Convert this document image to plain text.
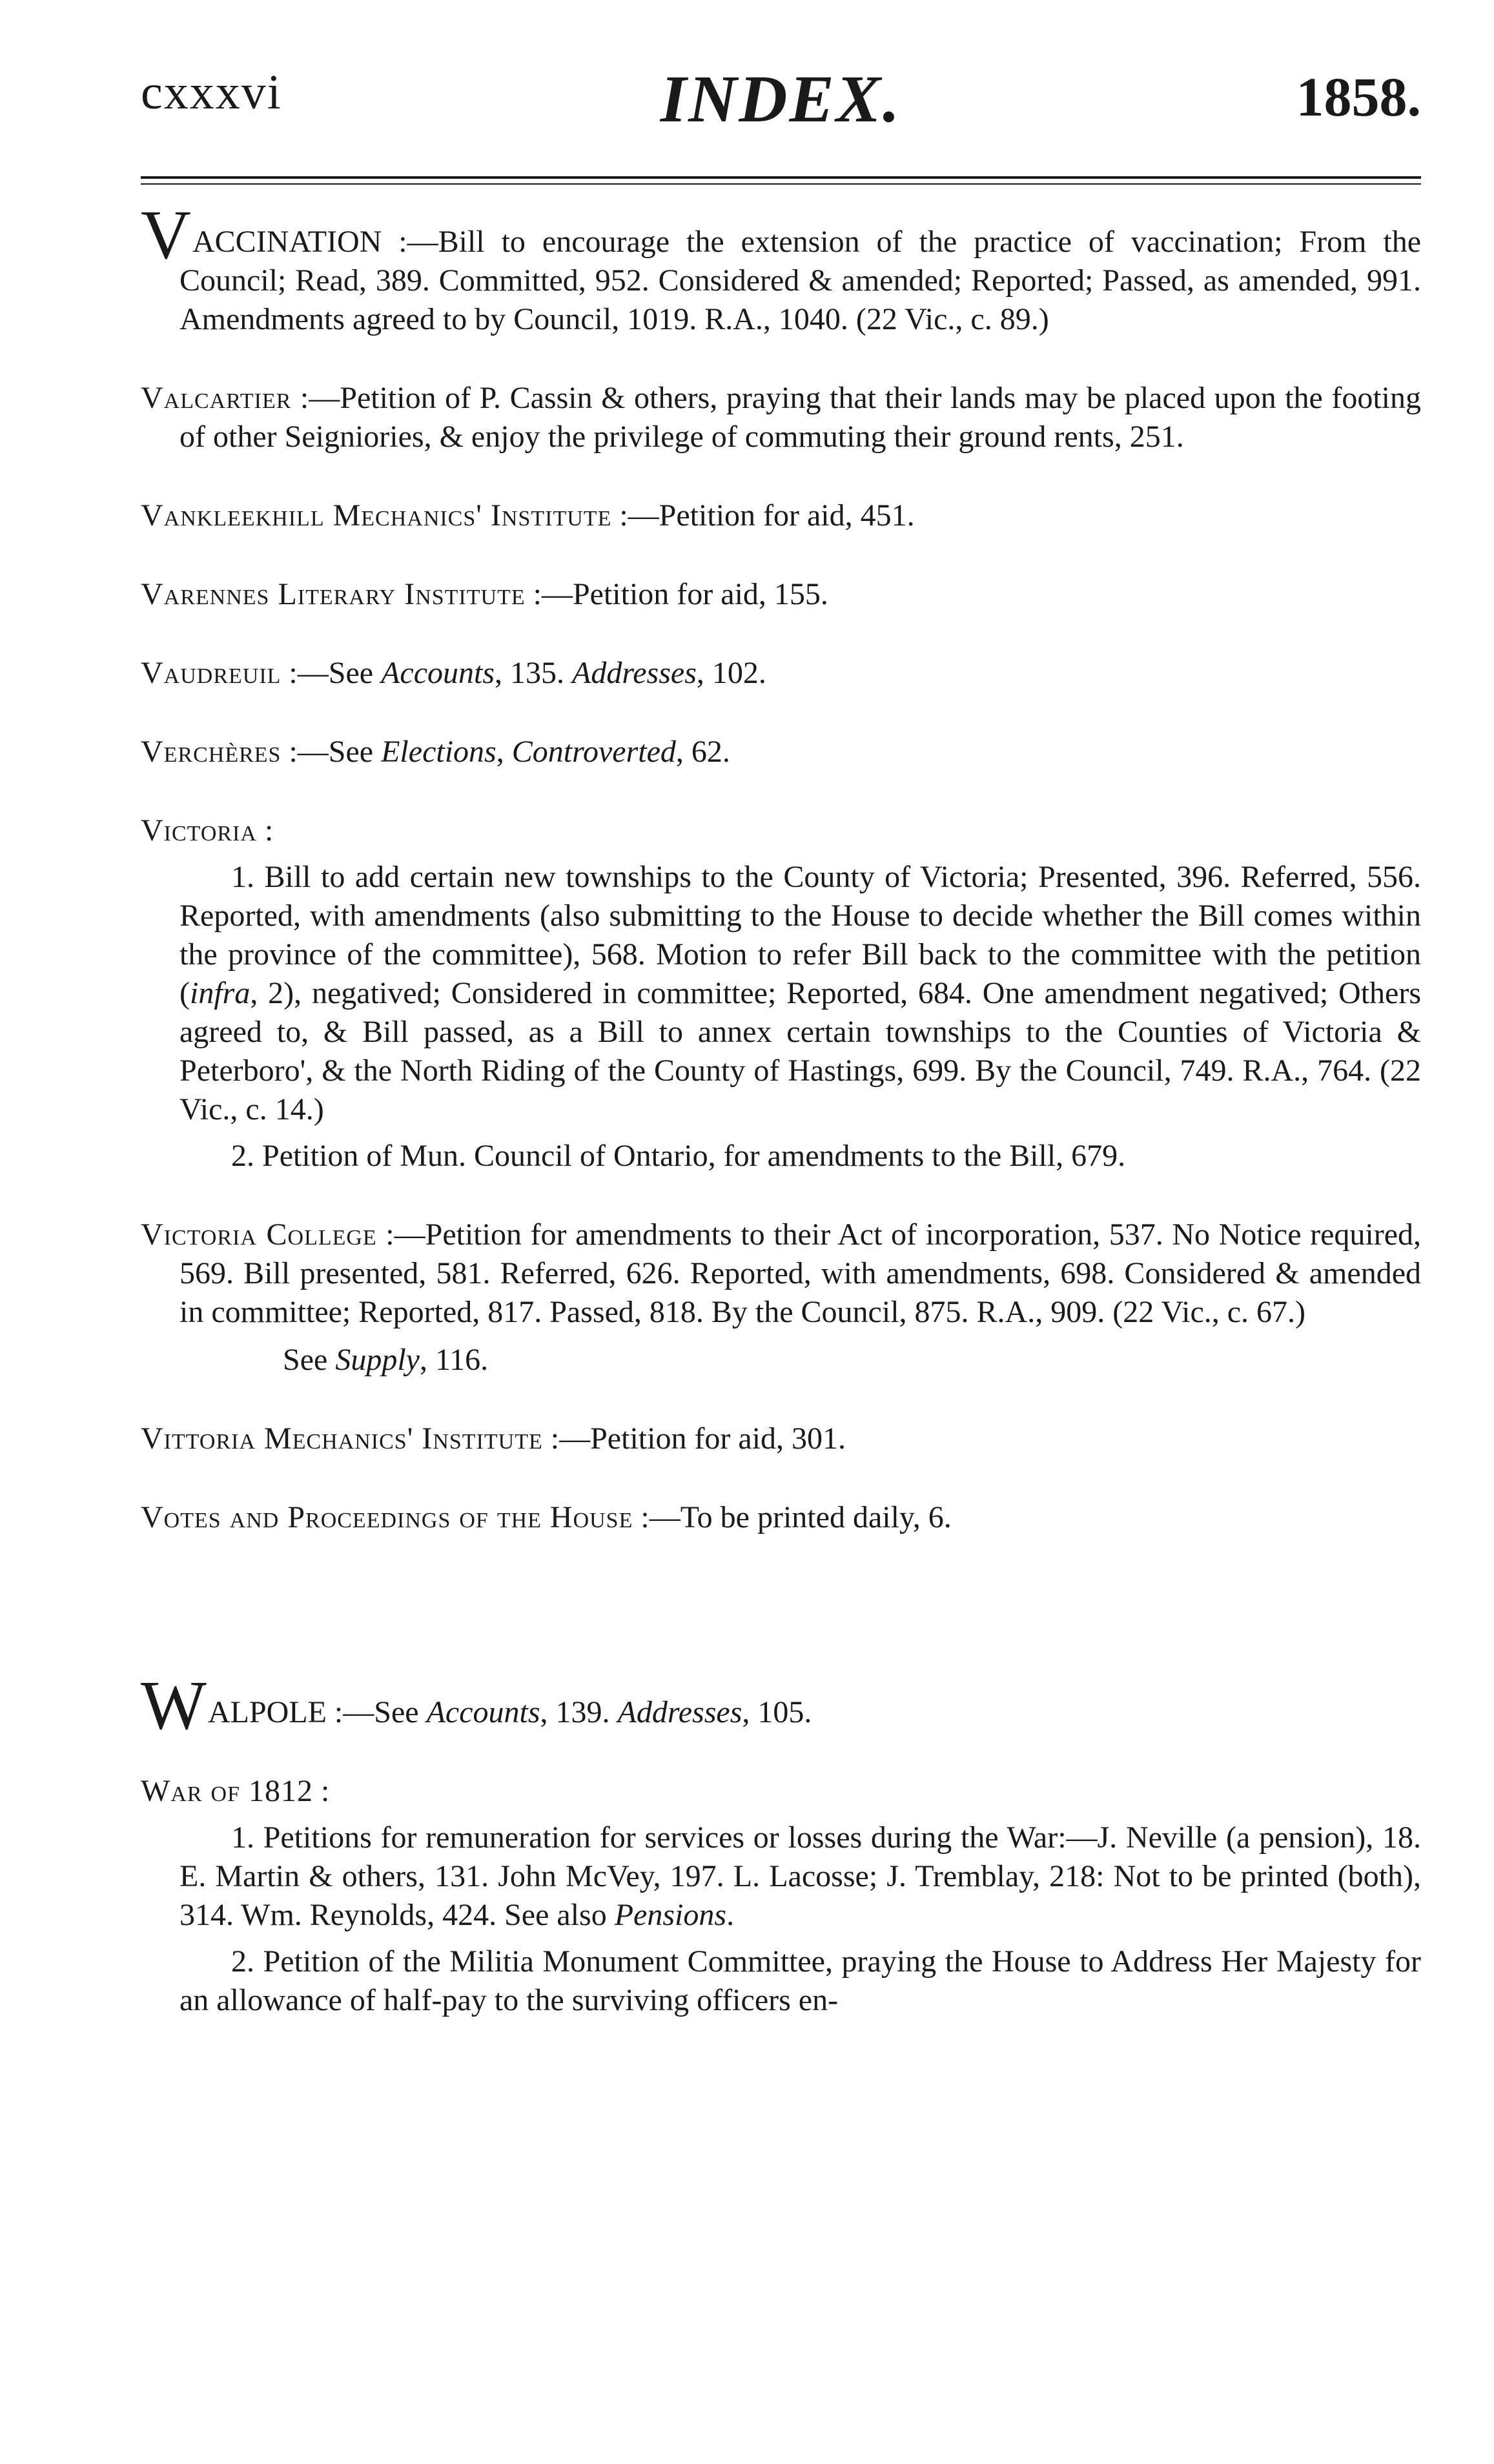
cxxxvi	INDEX.	1858.
VACCINATION :—Bill to encourage the extension of the practice of vaccination; From the Council; Read, 389. Committed, 952. Considered & amended; Reported; Passed, as amended, 991. Amendments agreed to by Council, 1019. R.A., 1040. (22 Vic., c. 89.)
Valcartier :—Petition of P. Cassin & others, praying that their lands may be placed upon the footing of other Seigniories, & enjoy the privilege of commuting their ground rents, 251.
Vankleekhill Mechanics' Institute :—Petition for aid, 451.
Varennes Literary Institute :—Petition for aid, 155.
Vaudreuil :—See Accounts, 135. Addresses, 102.
Verchères :—See Elections, Controverted, 62.
Victoria :
1. Bill to add certain new townships to the County of Victoria; Presented, 396. Referred, 556. Reported, with amendments (also submitting to the House to decide whether the Bill comes within the province of the committee), 568. Motion to refer Bill back to the committee with the petition (infra, 2), negatived; Considered in committee; Reported, 684. One amendment negatived; Others agreed to, & Bill passed, as a Bill to annex certain townships to the Counties of Victoria & Peterboro', & the North Riding of the County of Hastings, 699. By the Council, 749. R.A., 764. (22 Vic., c. 14.)
2. Petition of Mun. Council of Ontario, for amendments to the Bill, 679.
Victoria College :—Petition for amendments to their Act of incorporation, 537. No Notice required, 569. Bill presented, 581. Referred, 626. Reported, with amendments, 698. Considered & amended in committee; Reported, 817. Passed, 818. By the Council, 875. R.A., 909. (22 Vic., c. 67.)
See Supply, 116.
Vittoria Mechanics' Institute :—Petition for aid, 301.
Votes and Proceedings of the House :—To be printed daily, 6.
WALPOLE :—See Accounts, 139. Addresses, 105.
War of 1812 :
1. Petitions for remuneration for services or losses during the War:—J. Neville (a pension), 18. E. Martin & others, 131. John McVey, 197. L. Lacosse; J. Tremblay, 218: Not to be printed (both), 314. Wm. Reynolds, 424. See also Pensions.
2. Petition of the Militia Monument Committee, praying the House to Address Her Majesty for an allowance of half-pay to the surviving officers en-
